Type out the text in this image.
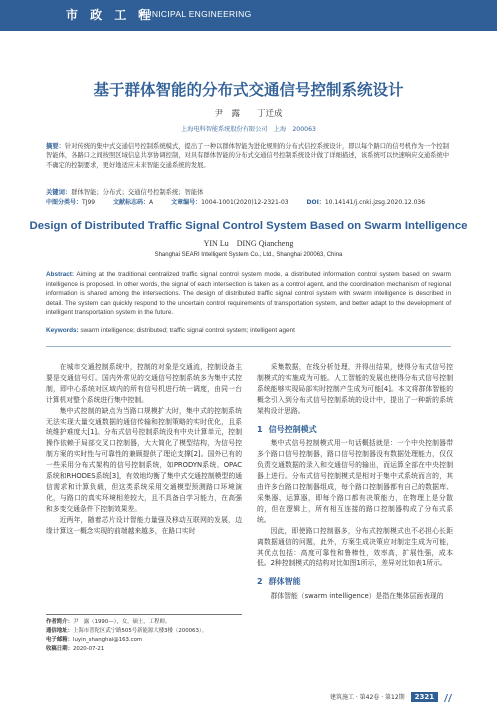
市 政 工 程
MUNICIPAL ENGINEERING
基于群体智能的分布式交通信号控制系统设计
尹　露　　丁迁成
上海电科智能系统股份有限公司　上海　200063
摘要：针对传统的集中式交通信号控制系统模式，提出了一种以群体智能为进化规则的分布式信控系统设计，即以每个路口的信号机作为一个控制智能体，各路口之间按照区域信息共享协调控制，对具有群体智能的分布式交通信号控制系统设计做了详细描述，该系统可以快速响应交通系统中不确定的控制要求，更好地适应未来智能交通系统的发展。
关键词：群体智能；分布式；交通信号控制系统；智能体
中图分类号：TJ99	文献标志码：A	文章编号：1004-1001(2020)12-2321-03	DOI：10.14141/j.cnki.jzsg.2020.12.036
Design of Distributed Traffic Signal Control System Based on Swarm Intelligence
YIN Lu　DING Qiancheng
Shanghai SEARI Intelligent System Co., Ltd., Shanghai 200063, China
Abstract: Aiming at the traditional centralized traffic signal control system mode, a distributed information control system based on swarm intelligence is proposed. In other words, the signal of each intersection is taken as a control agent, and the coordination mechanism of regional information is shared among the intersections. The design of distributed traffic signal control system with swarm intelligence is described in detail. The system can quickly respond to the uncertain control requirements of transportation system, and better adapt to the development of intelligent transportation system in the future.
Keywords: swarm intelligence; distributed; traffic signal control system; intelligent agent

在城市交通控制系统中，控制的对象是交通流，控制设备主要是交通信号灯。国内外常见的交通信号控制系统多为集中式控制，即中心系统对区域内的所有信号机进行统一调度，由同一台计算机对整个系统进行集中控制。

集中式控制的缺点为当路口规模扩大时，集中式的控制系统无法实现大量交通数据的通信传输和控制策略的实时优化，且系统维护难度大[1]。分布式信号控制系统没有中央计算单元，控制操作依赖于局部交叉口控制器，大大简化了模型结构，为信号控制方案的实时性与可靠性的兼顾提供了理论支撑[2]。国外已有的一些采用分布式架构的信号控制系统，如PRODYN系统、OPAC系统和RHODES系统[3]，有效地均衡了集中式交通控制模型的通信需求和计算负载，但这类系统采用交通模型预测路口环境演化，与路口的真实环境相差较大，且不具备自学习能力，在高强和多变交通条件下控制效果差。

近两年，随着芯片设计智能力量强及移动互联网的发展，边缘计算这一概念实现的前端越来越多，在路口实时

采集数据，在线分析处理，并得出结果，使得分布式信号控制模式的实施成为可能。人工智能的发展也使得分布式信号控制系统能够实现局部实时控制产生成为可能[4]。本文将群体智能的概念引入到分布式信号控制系统的设计中，提出了一种新的系统架构设计思路。

1 信号控制模式

集中式信号控制模式用一句话概括就是：一个中央控制器带多个路口信号控制器，路口信号控制器没有数据处理能力，仅仅负责交通数据的录入和交通信号的输出，而运算全部在中央控制器上进行。分布式信号控制模式是相对于集中式系统而言的，其由许多台路口控制器组成，每个路口控制器都有自己的数据库、采集器、运算器，即每个路口都有决策能力，在物理上是分散的，但在逻辑上，所有相互连接的路口控制器构成了分布式系统。

因此，即使路口控制器多，分布式控制模式也不必担心长距离数据通信的问题，此外，方案生成决策应对制定生成为可能，其优点包括：高度可靠性和鲁棒性，效率高，扩展性强，成本低。2种控制模式的结构对比如图1所示，差异对比如表1所示。

2 群体智能

群体智能（swarm intelligence）是指在集体层面表现的

作者简介：尹　露（1990—），女，硕士，工程师。
通信地址：上海市普陀区武宁路505号新能源大楼3楼（200063）。
电子邮箱：luyin_shanghai@163.com
收稿日期：2020-07-21
建筑施工 · 第42卷 · 第12期 2321
